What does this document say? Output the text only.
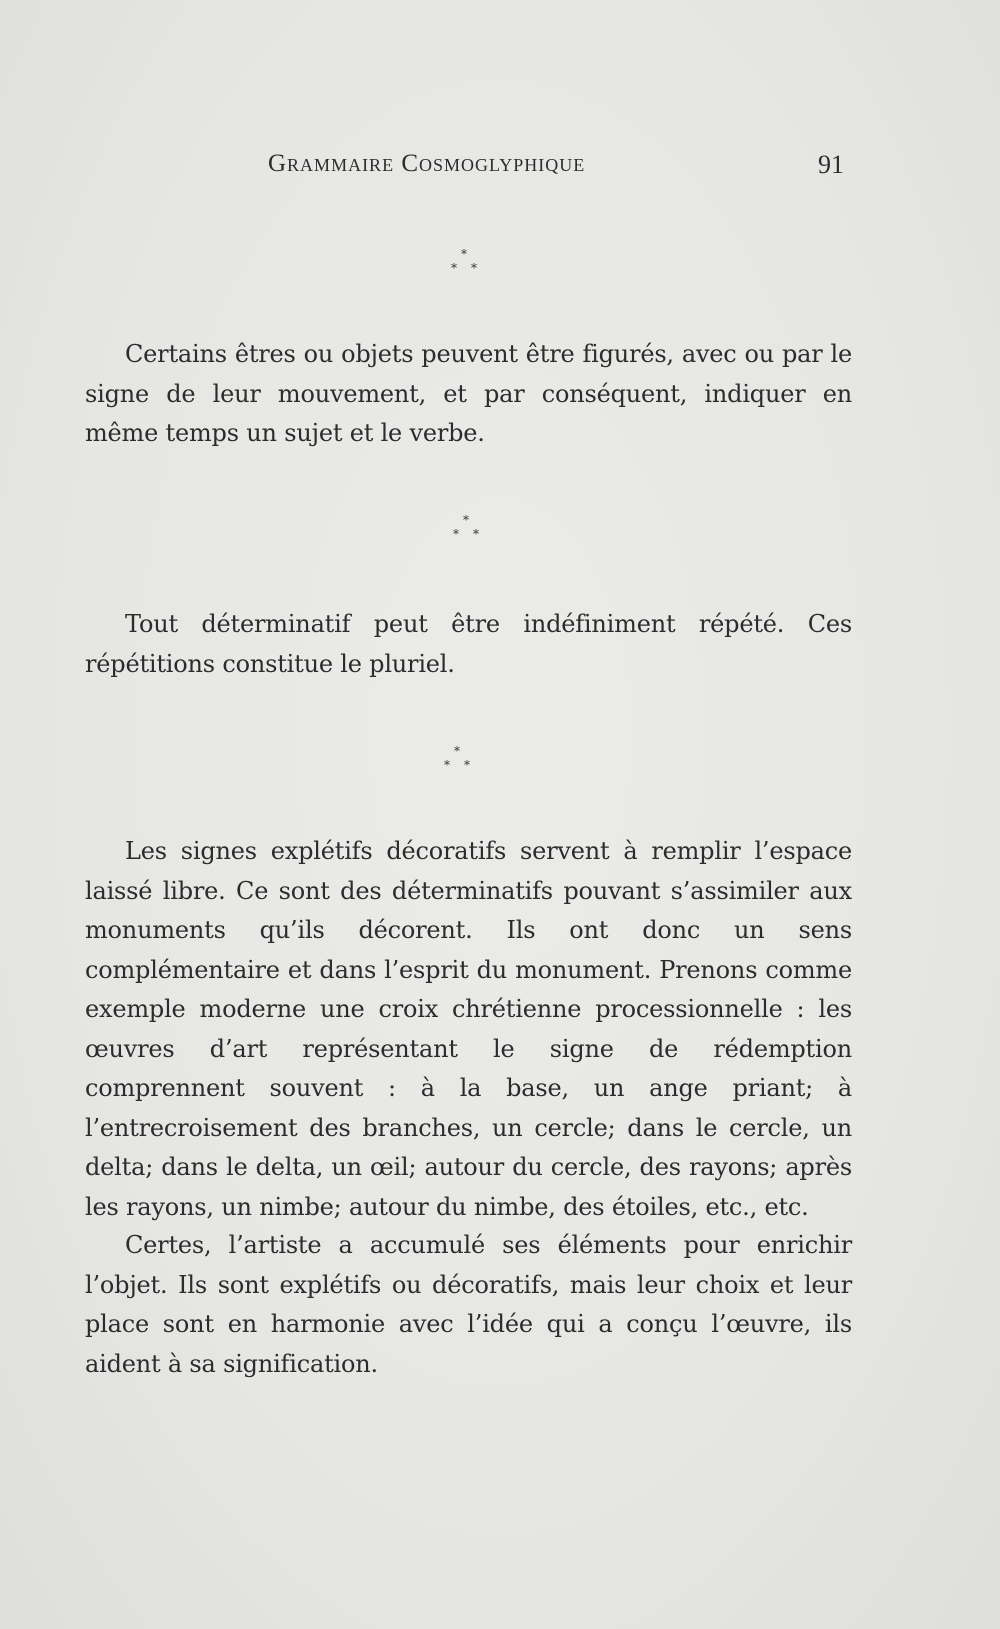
Grammaire Cosmoglyphique	91
*
* *

Certains êtres ou objets peuvent être figurés, avec ou par le signe de leur mouvement, et par conséquent, indiquer en même temps un sujet et le verbe.

*
* *

Tout déterminatif peut être indéfiniment répété. Ces répétitions constitue le pluriel.

*
* *

Les signes explétifs décoratifs servent à remplir l’espace laissé libre. Ce sont des déterminatifs pouvant s’assimiler aux monuments qu’ils décorent. Ils ont donc un sens complémentaire et dans l’esprit du monument. Prenons comme exemple moderne une croix chrétienne processionnelle : les œuvres d’art représentant le signe de rédemption comprennent souvent : à la base, un ange priant; à l’entrecroisement des branches, un cercle; dans le cercle, un delta; dans le delta, un œil; autour du cercle, des rayons; après les rayons, un nimbe; autour du nimbe, des étoiles, etc., etc.

Certes, l’artiste a accumulé ses éléments pour enrichir l’objet. Ils sont explétifs ou décoratifs, mais leur choix et leur place sont en harmonie avec l’idée qui a conçu l’œuvre, ils aident à sa signification.
